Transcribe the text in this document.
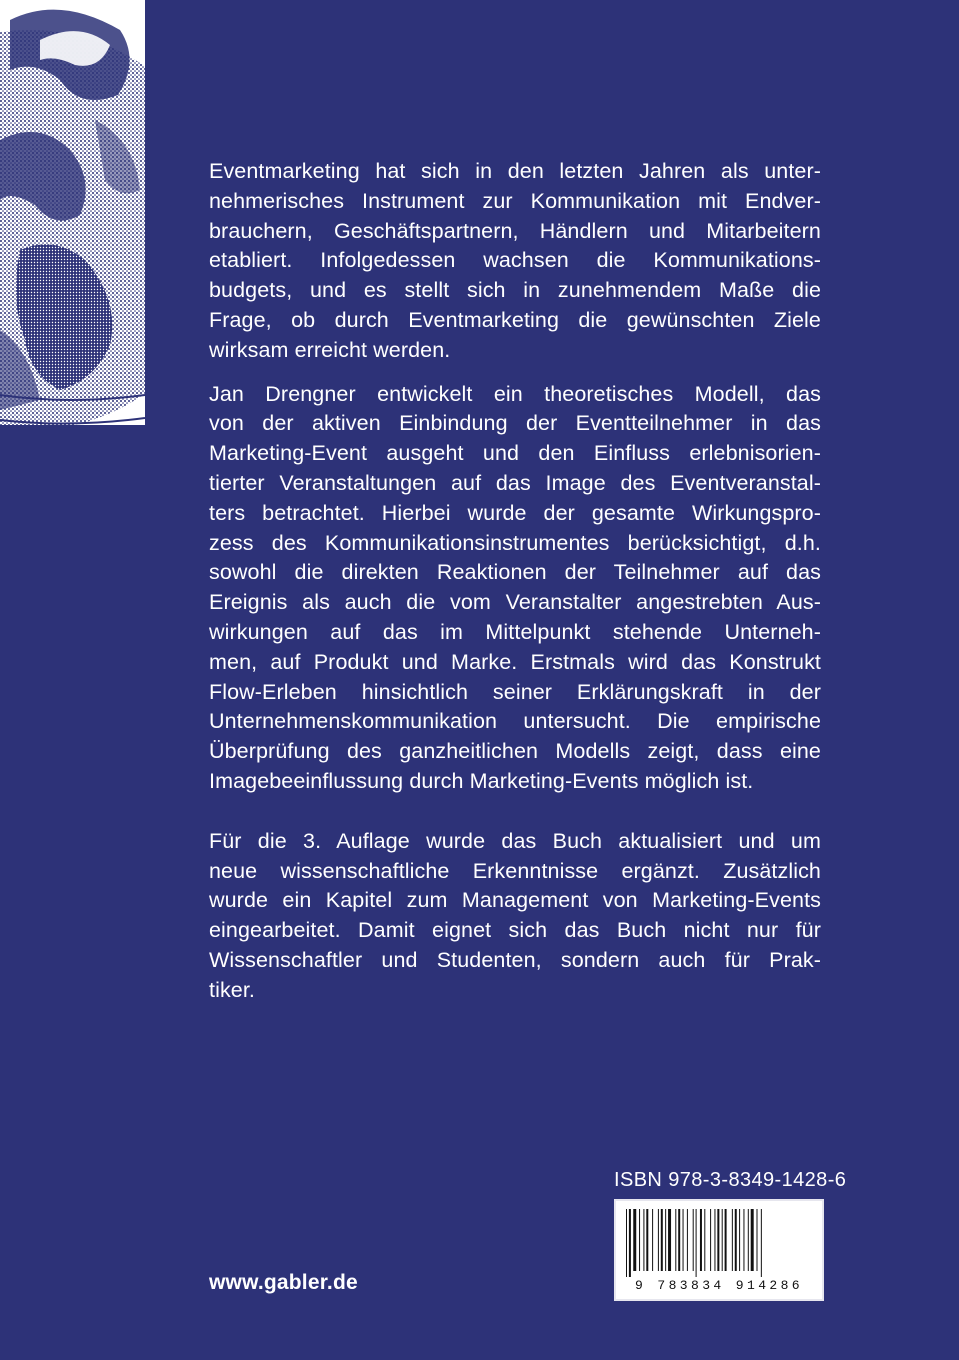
Eventmarketing hat sich in den letzten Jahren als unter-
nehmerisches Instrument zur Kommunikation mit Endver-
brauchern, Geschäftspartnern, Händlern und Mitarbeitern
etabliert. Infolgedessen wachsen die Kommunikations-
budgets, und es stellt sich in zunehmendem Maße die
Frage, ob durch Eventmarketing die gewünschten Ziele
wirksam erreicht werden.

Jan Drengner entwickelt ein theoretisches Modell, das
von der aktiven Einbindung der Eventteilnehmer in das
Marketing-Event ausgeht und den Einfluss erlebnisorien-
tierter Veranstaltungen auf das Image des Eventveranstal-
ters betrachtet. Hierbei wurde der gesamte Wirkungspro-
zess des Kommunikationsinstrumentes berücksichtigt, d.h.
sowohl die direkten Reaktionen der Teilnehmer auf das
Ereignis als auch die vom Veranstalter angestrebten Aus-
wirkungen auf das im Mittelpunkt stehende Unterneh-
men, auf Produkt und Marke. Erstmals wird das Konstrukt
Flow-Erleben hinsichtlich seiner Erklärungskraft in der
Unternehmenskommunikation untersucht. Die empirische
Überprüfung des ganzheitlichen Modells zeigt, dass eine
Imagebeeinflussung durch Marketing-Events möglich ist.

Für die 3. Auflage wurde das Buch aktualisiert und um
neue wissenschaftliche Erkenntnisse ergänzt. Zusätzlich
wurde ein Kapitel zum Management von Marketing-Events
eingearbeitet. Damit eignet sich das Buch nicht nur für
Wissenschaftler und Studenten, sondern auch für Prak-
tiker.

ISBN 978-3-8349-1428-6
9 783834 914286
www.gabler.de
